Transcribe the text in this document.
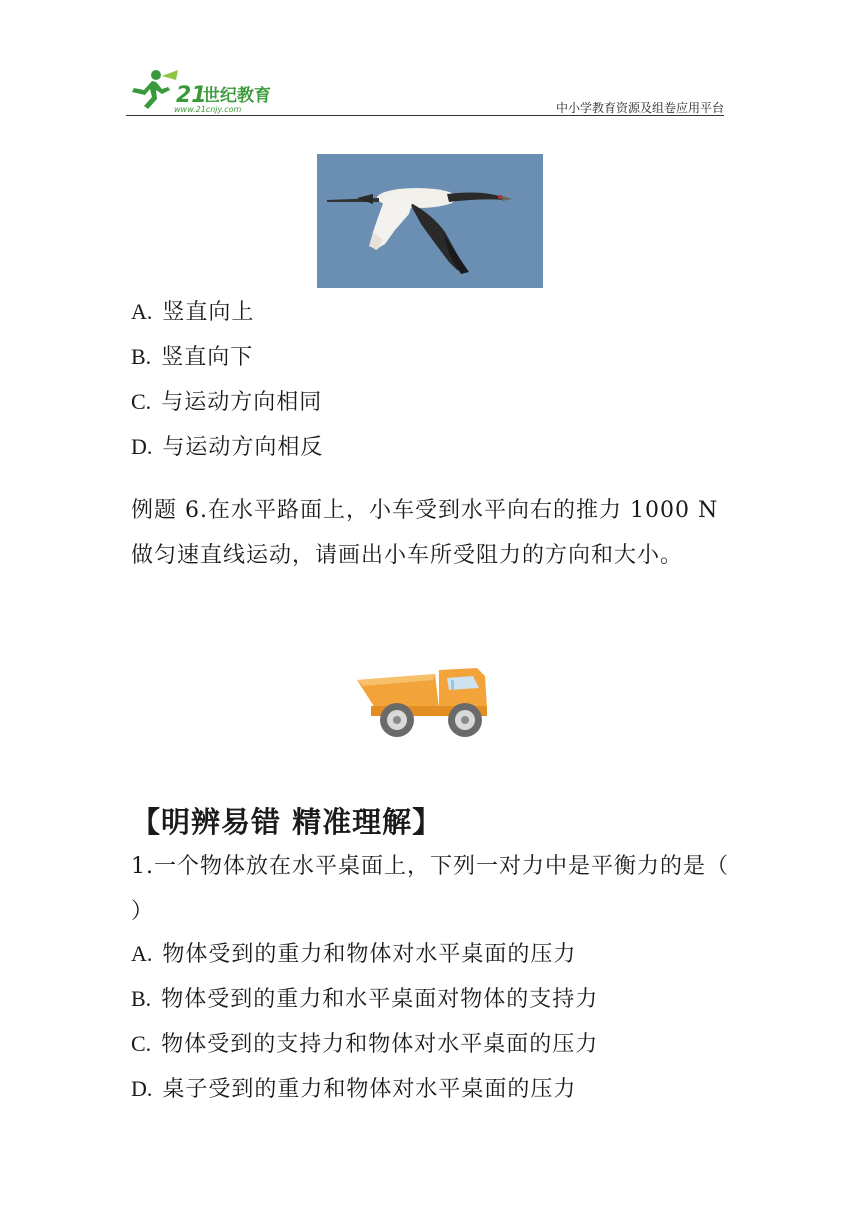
21
世纪教育
www.21cnjy.com	中小学教育资源及组卷应用平台
A. 竖直向上
B. 竖直向下
C. 与运动方向相同
D. 与运动方向相反
例题 6.在水平路面上，小车受到水平向右的推力 1000 N 做匀速直线运动，请画出小车所受阻力的方向和大小。
【明辨易错 精准理解】
1.一个物体放在水平桌面上，下列一对力中是平衡力的是（ ）
A. 物体受到的重力和物体对水平桌面的压力
B. 物体受到的重力和水平桌面对物体的支持力
C. 物体受到的支持力和物体对水平桌面的压力
D. 桌子受到的重力和物体对水平桌面的压力
